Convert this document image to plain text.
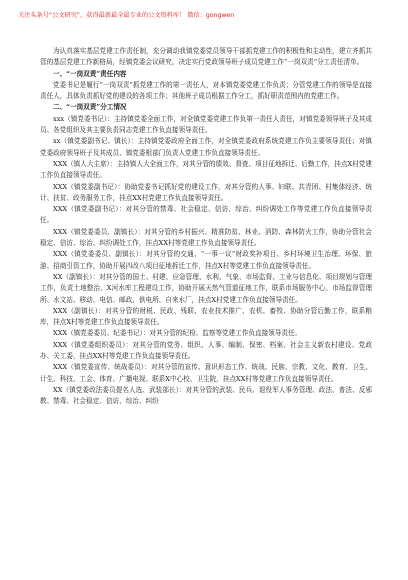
关注头条号“公文研究”，获得最新最全最专业的公文资料库！ 微信：gongwen

为认真落实基层党建工作责任制，充分调动我镇党委党员领导干部抓党建工作的积极性和主动性，建立齐抓共管的基层党建工作新格局，经镇党委会议研究，决定实行党政领导班子成员党建工作“一岗双责”分工责任清单。

一、“一岗双责”责任内容

党委书记是履行“一岗双责”抓党建工作的第一责任人，对本镇党委党建工作负责；分管党建工作的领导是直接责任人，具体负责抓好党的建设的各项工作；其他班子成员根据工作分工，抓好职责范围内的党建工作。

二、“一岗双责”分工情况

xxx（镇党委书记）：主持镇党委全面工作，对全镇党委党建工作负第一责任人责任，对镇党委领导班子及其成员、各党组织及其主要负责同志党建工作负直接领导责任。

xx（镇党委副书记、镇长）：主持镇党委政府全面工作，对全镇党委政府系统党建工作负主要领导责任；对镇党委政府领导班子及其成员、镇党委根部门负责人党建工作负直接领导责任。

XXX（镇人大主席）：主持镇人大全面工作，对其分管的绩效、督查、项目征地拆迁、后勤工作，挂点X村党建工作负直接领导责任。

XXX（镇党委副书记）：协助党委书记抓好党的建设工作，对其分管的人事、妇联、共青团、村集体经济、统计、扶贫、政务服务工作，挂点XX村党建工作负直接领导责任。

XXX（镇党委副书记）：对其分管的禁毒、社会稳定、信访、综治、纠纷调处工作等党建工作负直接领导责任。

XXX（镇党委委员、副镇长）：对其分管的乡村振兴、精准防贫、林业、消防、森林防火工作，协助分管社会稳定、信访、综治、纠纷调处工作，挂点XX村等党建工作负直接领导责任。

XXX（镇党委委员、副镇长）：对其分管的交通、“一事一议”财政奖补项目、乡村环境卫生治理、环保、旅游、招商引资工作，协助开展四改八项目征地拆迁工作，挂点X村等党建工作负直接领导责任。

XX（副镇长）：对其分管的国土、村建、应急管理、水利、气象、市场监督、工业与信息化、项目规划与管理工作，负责土地整治、X河水库工程建设工作，协助开展天然气管道征地工作，联系市场服务中心、市场监督管理所、水文站、移动、电信、邮政、供电所、自来水厂，挂点X村党建工作负直接领导责任。

XXX（副镇长）：对其分管的财税、民政、残联、农业技术推广、农机、畜牧、协助分管后勤工作，联系粮库，挂点X村等党建工作负直接领导责任。

XXX（镇党委委员、纪委书记）：对其分管的纪检、监察等党建工作负直接领导责任。

XXX（镇党委组织委员）：对其分管的党务、组织、人事、编制、保密、档案、社会主义新农村建设、党政办、关工委，挂点XX村等党建工作负直接领导责任。

XXX（镇党委宣传、统战委员）：对其分管的宣传、意识形态工作、统战、民族、宗教、文化、教育、卫生、计生、科技、工会、体育、广播电视、联系X中心校、卫生院，挂点XX村等党建工作负直接领导责任。

XX（镇党委政法委员提名人选、武装部长）：对其分管的武装、民兵、退役军人事务管理、政法、普法、反邪教、禁毒、社会稳定、信访、综治、纠纷
